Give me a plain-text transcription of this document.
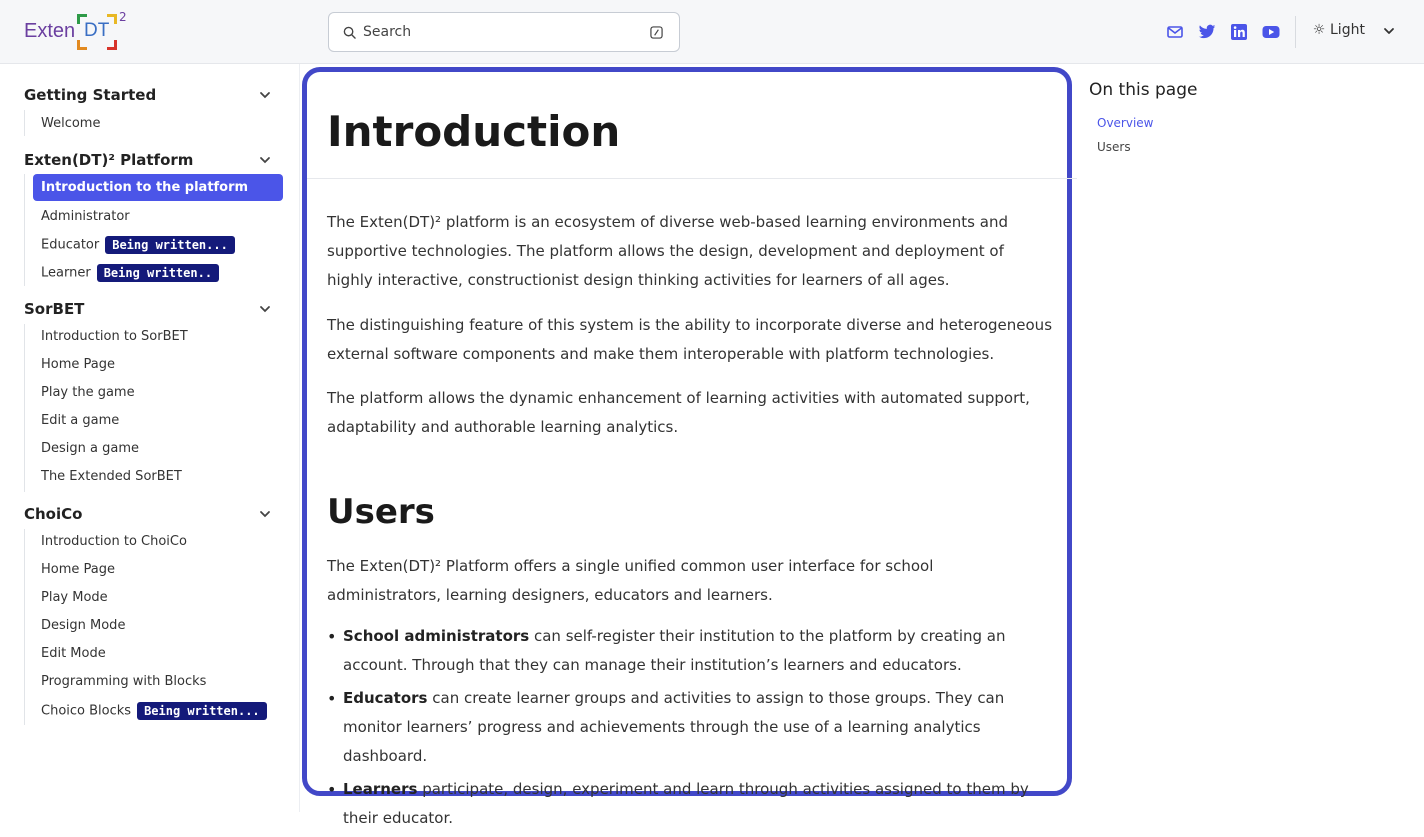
Exten DT
2
Search	☼ Light
Getting Started
Welcome
Exten(DT)² Platform
Introduction to the platform
Administrator
Educator Being written...
Learner Being written..
SorBET
Introduction to SorBET
Home Page
Play the game
Edit a game
Design a game
The Extended SorBET
ChoiCo
Introduction to ChoiCo
Home Page
Play Mode
Design Mode
Edit Mode
Programming with Blocks
Choico Blocks Being written...
Introduction

The Exten(DT)² platform is an ecosystem of diverse web-based learning environments and supportive technologies. The platform allows the design, development and deployment of highly interactive, constructionist design thinking activities for learners of all ages.

The distinguishing feature of this system is the ability to incorporate diverse and heterogeneous external software components and make them interoperable with platform technologies.

The platform allows the dynamic enhancement of learning activities with automated support, adaptability and authorable learning analytics.

Users

The Exten(DT)² Platform offers a single unified common user interface for school administrators, learning designers, educators and learners.

• School administrators can self-register their institution to the platform by creating an account. Through that they can manage their institution’s learners and educators.
• Educators can create learner groups and activities to assign to those groups. They can monitor learners’ progress and achievements through the use of a learning analytics dashboard.
• Learners participate, design, experiment and learn through activities assigned to them by their educator.
On this page
Overview
Users
